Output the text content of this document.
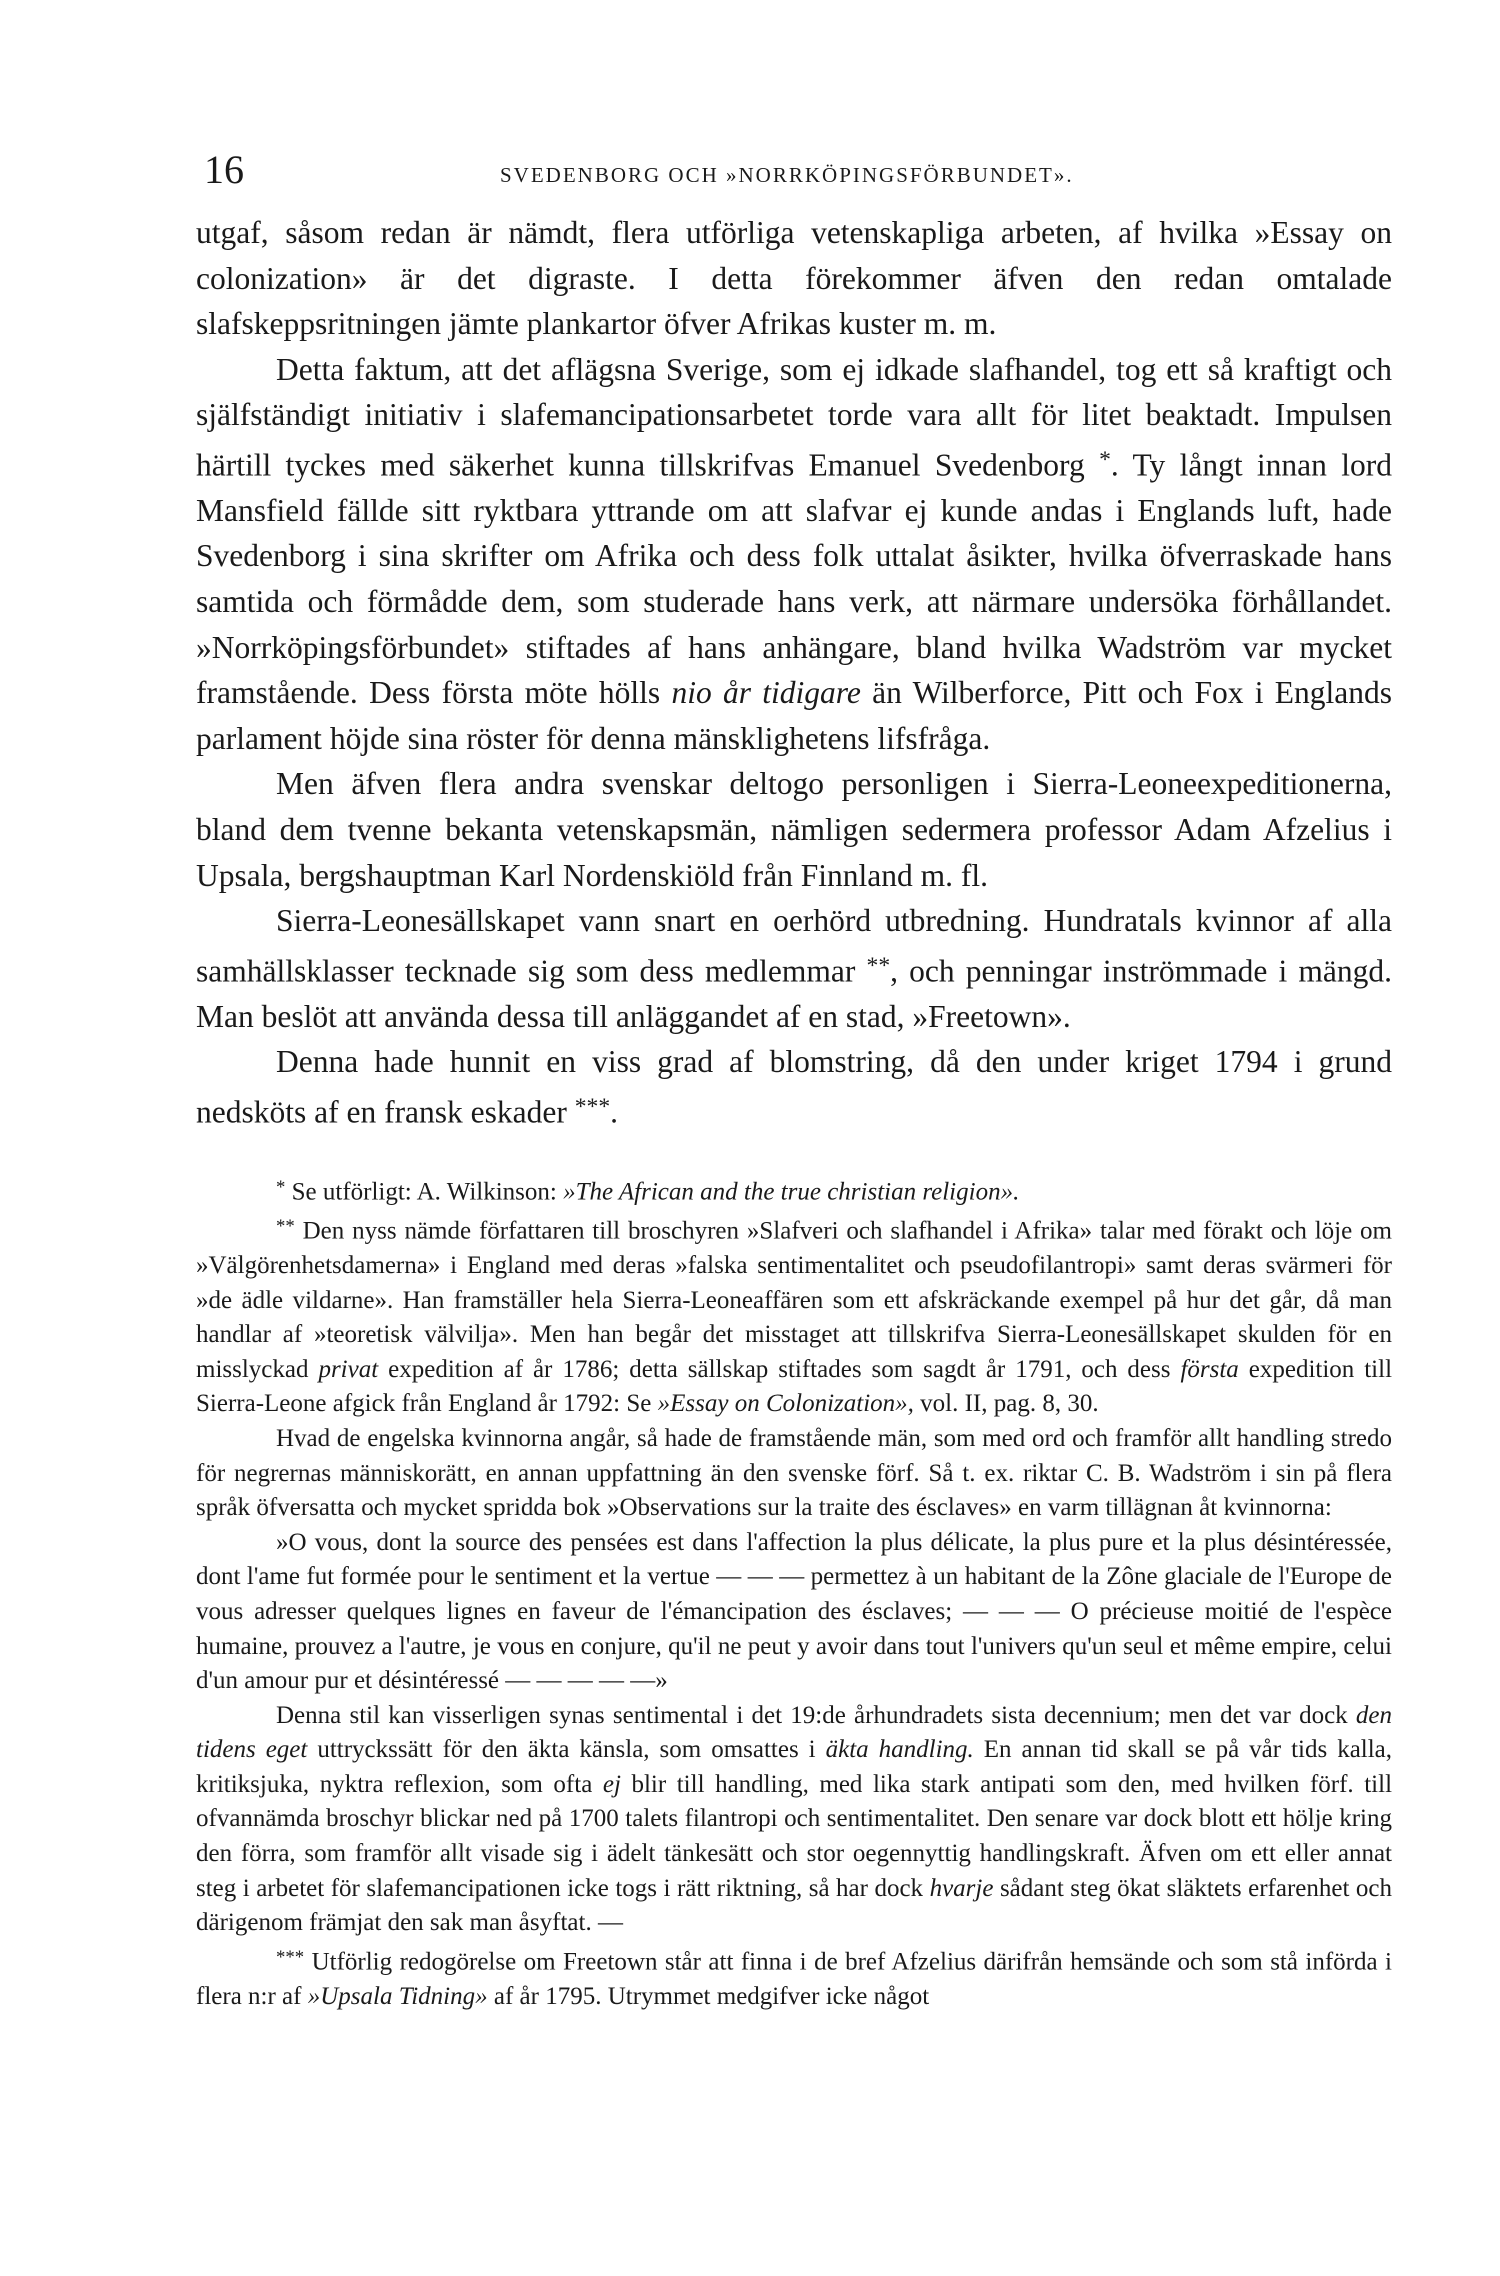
16	SVEDENBORG OCH »NORRKÖPINGSFÖRBUNDET».

utgaf, såsom redan är nämdt, flera utförliga vetenskapliga arbeten, af hvilka »Essay on colonization» är det digraste. I detta förekommer äfven den redan omtalade slafskeppsritningen jämte plankartor öfver Afrikas kuster m. m.

Detta faktum, att det aflägsna Sverige, som ej idkade slafhandel, tog ett så kraftigt och själfständigt initiativ i slafemancipationsarbetet torde vara allt för litet beaktadt. Impulsen härtill tyckes med säkerhet kunna tillskrifvas Emanuel Svedenborg *. Ty långt innan lord Mansfield fällde sitt ryktbara yttrande om att slafvar ej kunde andas i Englands luft, hade Svedenborg i sina skrifter om Afrika och dess folk uttalat åsikter, hvilka öfverraskade hans samtida och förmådde dem, som studerade hans verk, att närmare undersöka förhållandet. »Norrköpingsförbundet» stiftades af hans anhängare, bland hvilka Wadström var mycket framstående. Dess första möte hölls nio år tidigare än Wilberforce, Pitt och Fox i Englands parlament höjde sina röster för denna mänsklighetens lifsfråga.

Men äfven flera andra svenskar deltogo personligen i Sierra-Leoneexpeditionerna, bland dem tvenne bekanta vetenskapsmän, nämligen sedermera professor Adam Afzelius i Upsala, bergshauptman Karl Nordenskiöld från Finnland m. fl.

Sierra-Leonesällskapet vann snart en oerhörd utbredning. Hundratals kvinnor af alla samhällsklasser tecknade sig som dess medlemmar **, och penningar inströmmade i mängd. Man beslöt att använda dessa till anläggandet af en stad, »Freetown».

Denna hade hunnit en viss grad af blomstring, då den under kriget 1794 i grund nedsköts af en fransk eskader ***.

* Se utförligt: A. Wilkinson: »The African and the true christian religion».

** Den nyss nämde författaren till broschyren »Slafveri och slafhandel i Afrika» talar med förakt och löje om »Välgörenhetsdamerna» i England med deras »falska sentimentalitet och pseudofilantropi» samt deras svärmeri för »de ädle vildarne». Han framställer hela Sierra-Leoneaffären som ett afskräckande exempel på hur det går, då man handlar af »teoretisk välvilja». Men han begår det misstaget att tillskrifva Sierra-Leonesällskapet skulden för en misslyckad privat expedition af år 1786; detta sällskap stiftades som sagdt år 1791, och dess första expedition till Sierra-Leone afgick från England år 1792: Se »Essay on Colonization», vol. II, pag. 8, 30.

Hvad de engelska kvinnorna angår, så hade de framstående män, som med ord och framför allt handling stredo för negrernas människorätt, en annan uppfattning än den svenske förf. Så t. ex. riktar C. B. Wadström i sin på flera språk öfversatta och mycket spridda bok »Observations sur la traite des ésclaves» en varm tillägnan åt kvinnorna:

»O vous, dont la source des pensées est dans l'affection la plus délicate, la plus pure et la plus désintéressée, dont l'ame fut formée pour le sentiment et la vertue — — — permettez à un habitant de la Zône glaciale de l'Europe de vous adresser quelques lignes en faveur de l'émancipation des ésclaves; — — — O précieuse moitié de l'espèce humaine, prouvez a l'autre, je vous en conjure, qu'il ne peut y avoir dans tout l'univers qu'un seul et même empire, celui d'un amour pur et désintéressé — — — — —»

Denna stil kan visserligen synas sentimental i det 19:de århundradets sista decennium; men det var dock den tidens eget uttryckssätt för den äkta känsla, som omsattes i äkta handling. En annan tid skall se på vår tids kalla, kritiksjuka, nyktra reflexion, som ofta ej blir till handling, med lika stark antipati som den, med hvilken förf. till ofvannämda broschyr blickar ned på 1700 talets filantropi och sentimentalitet. Den senare var dock blott ett hölje kring den förra, som framför allt visade sig i ädelt tänkesätt och stor oegennyttig handlingskraft. Äfven om ett eller annat steg i arbetet för slafemancipationen icke togs i rätt riktning, så har dock hvarje sådant steg ökat släktets erfarenhet och därigenom främjat den sak man åsyftat. —

*** Utförlig redogörelse om Freetown står att finna i de bref Afzelius därifrån hemsände och som stå införda i flera n:r af »Upsala Tidning» af år 1795. Utrymmet medgifver icke något
